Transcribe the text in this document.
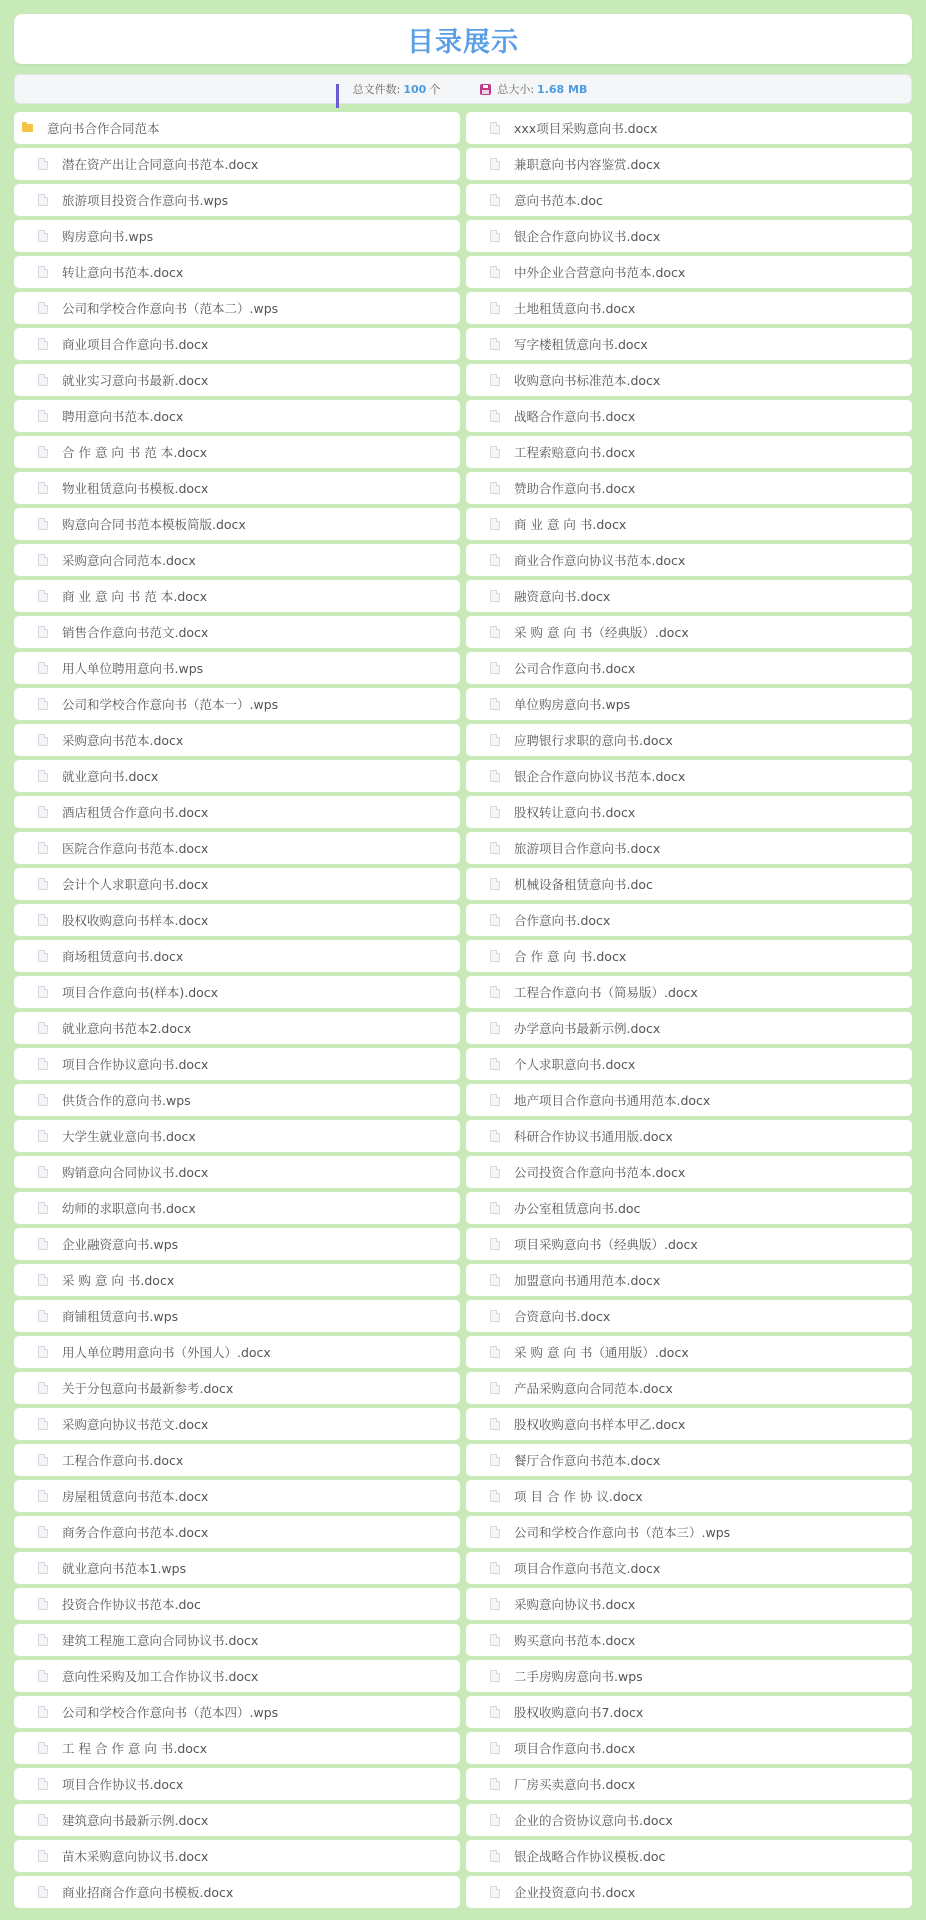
目录展示
总文件数: 100 个	总大小: 1.68 MB
意向书合作合同范本	xxx项目采购意向书.docx
潜在资产出让合同意向书范本.docx	兼职意向书内容鉴赏.docx
旅游项目投资合作意向书.wps	意向书范本.doc
购房意向书.wps	银企合作意向协议书.docx
转让意向书范本.docx	中外企业合营意向书范本.docx
公司和学校合作意向书（范本二）.wps	土地租赁意向书.docx
商业项目合作意向书.docx	写字楼租赁意向书.docx
就业实习意向书最新.docx	收购意向书标准范本.docx
聘用意向书范本.docx	战略合作意向书.docx
合 作 意 向 书 范 本.docx	工程索赔意向书.docx
物业租赁意向书模板.docx	赞助合作意向书.docx
购意向合同书范本模板简版.docx	商 业 意 向 书.docx
采购意向合同范本.docx	商业合作意向协议书范本.docx
商 业 意 向 书 范 本.docx	融资意向书.docx
销售合作意向书范文.docx	采 购 意 向 书（经典版）.docx
用人单位聘用意向书.wps	公司合作意向书.docx
公司和学校合作意向书（范本一）.wps	单位购房意向书.wps
采购意向书范本.docx	应聘银行求职的意向书.docx
就业意向书.docx	银企合作意向协议书范本.docx
酒店租赁合作意向书.docx	股权转让意向书.docx
医院合作意向书范本.docx	旅游项目合作意向书.docx
会计个人求职意向书.docx	机械设备租赁意向书.doc
股权收购意向书样本.docx	合作意向书.docx
商场租赁意向书.docx	合 作 意 向 书.docx
项目合作意向书(样本).docx	工程合作意向书（简易版）.docx
就业意向书范本2.docx	办学意向书最新示例.docx
项目合作协议意向书.docx	个人求职意向书.docx
供货合作的意向书.wps	地产项目合作意向书通用范本.docx
大学生就业意向书.docx	科研合作协议书通用版.docx
购销意向合同协议书.docx	公司投资合作意向书范本.docx
幼师的求职意向书.docx	办公室租赁意向书.doc
企业融资意向书.wps	项目采购意向书（经典版）.docx
采 购 意 向 书.docx	加盟意向书通用范本.docx
商铺租赁意向书.wps	合资意向书.docx
用人单位聘用意向书（外国人）.docx	采 购 意 向 书（通用版）.docx
关于分包意向书最新参考.docx	产品采购意向合同范本.docx
采购意向协议书范文.docx	股权收购意向书样本甲乙.docx
工程合作意向书.docx	餐厅合作意向书范本.docx
房屋租赁意向书范本.docx	项 目 合 作 协 议.docx
商务合作意向书范本.docx	公司和学校合作意向书（范本三）.wps
就业意向书范本1.wps	项目合作意向书范文.docx
投资合作协议书范本.doc	采购意向协议书.docx
建筑工程施工意向合同协议书.docx	购买意向书范本.docx
意向性采购及加工合作协议书.docx	二手房购房意向书.wps
公司和学校合作意向书（范本四）.wps	股权收购意向书7.docx
工 程 合 作 意 向 书.docx	项目合作意向书.docx
项目合作协议书.docx	厂房买卖意向书.docx
建筑意向书最新示例.docx	企业的合资协议意向书.docx
苗木采购意向协议书.docx	银企战略合作协议模板.doc
商业招商合作意向书模板.docx	企业投资意向书.docx
